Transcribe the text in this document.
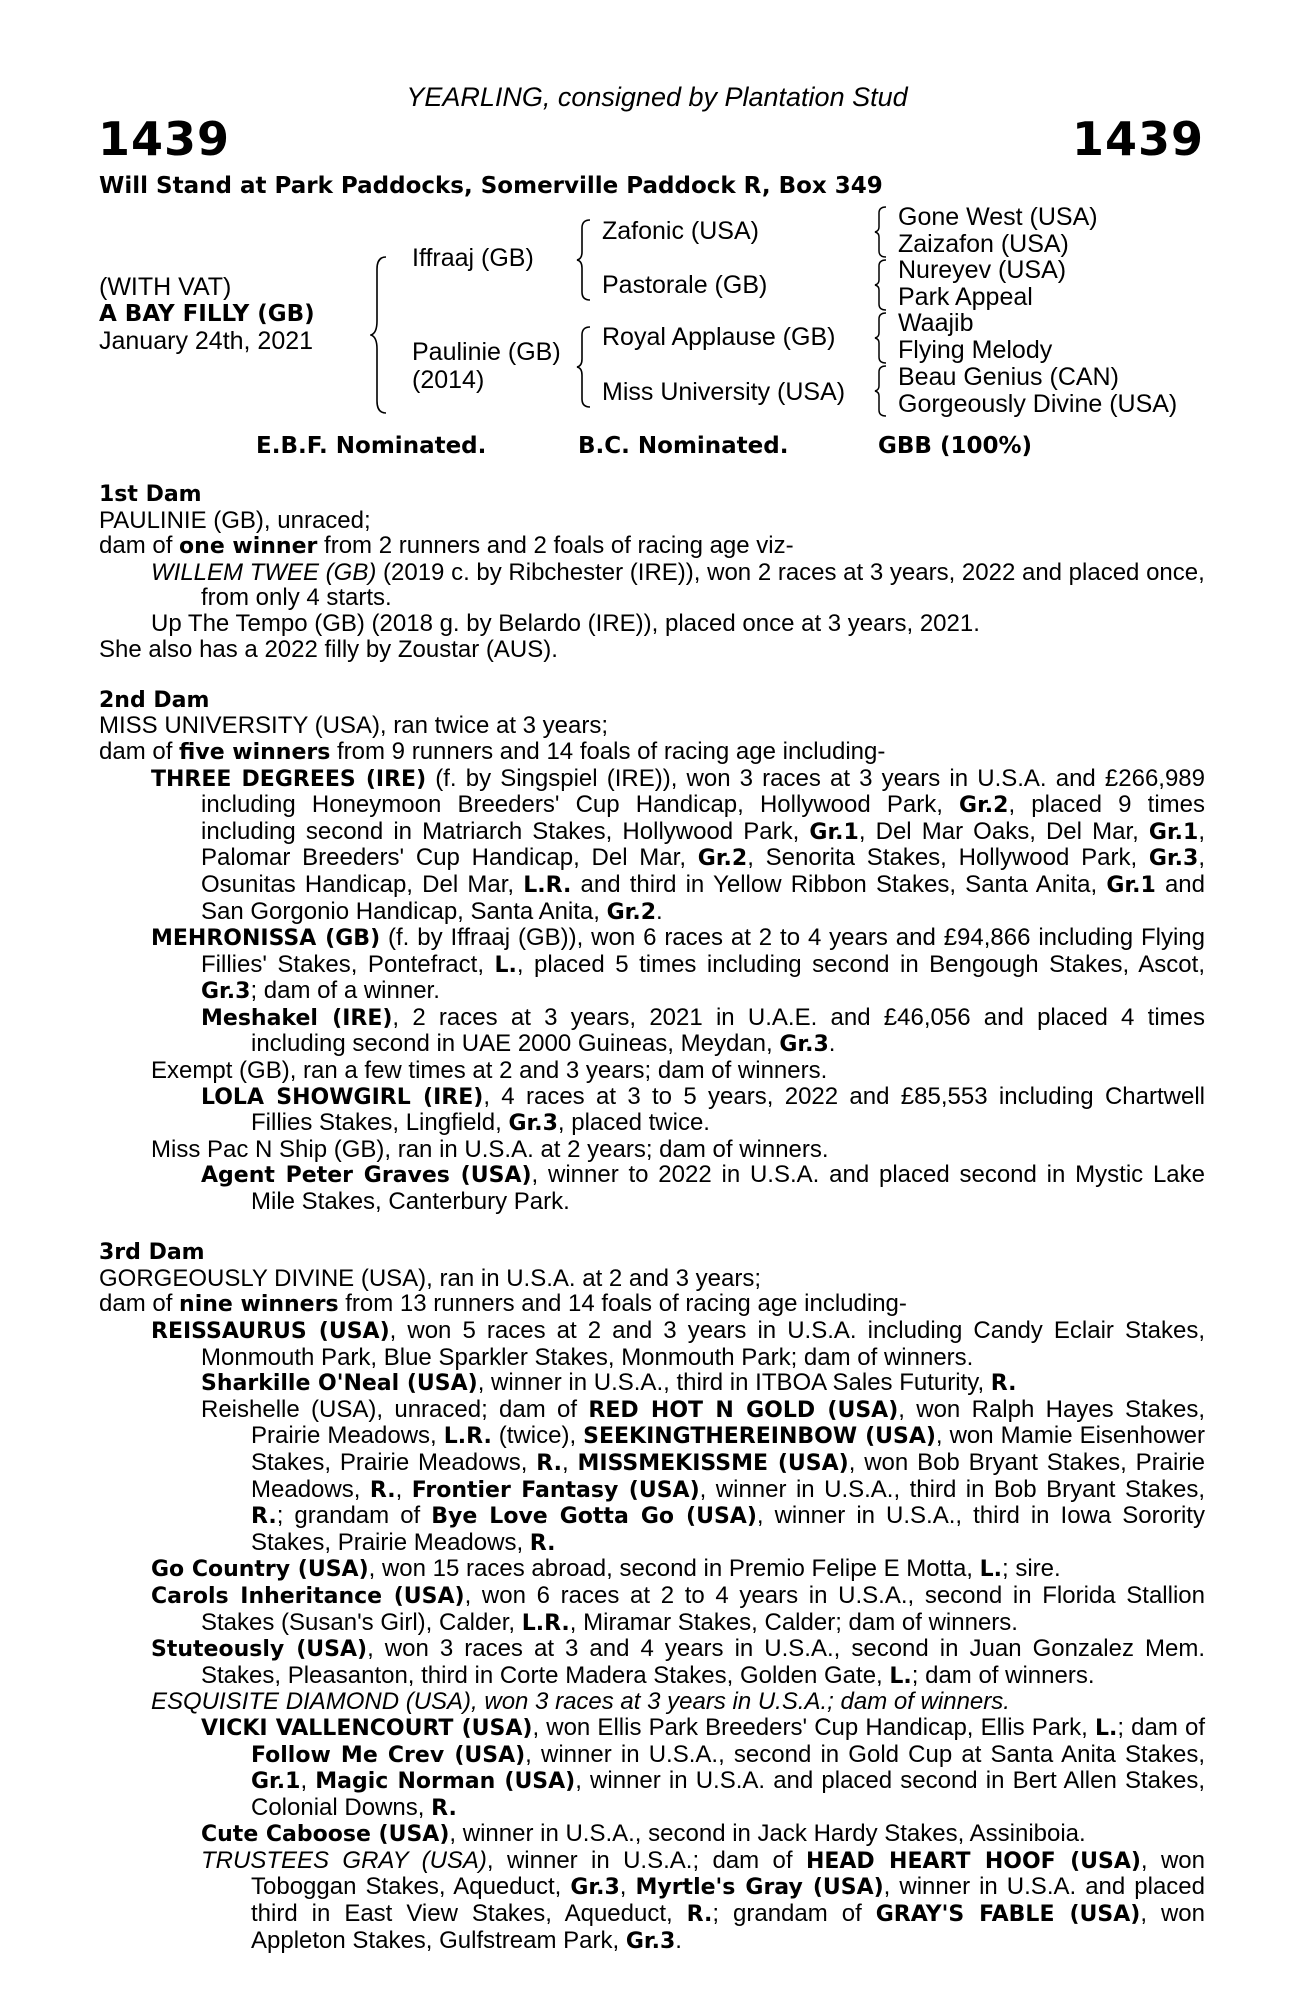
YEARLING, consigned by Plantation Stud
1439	1439
Will Stand at Park Paddocks, Somerville Paddock R, Box 349
(WITH VAT)
A BAY FILLY (GB)
January 24th, 2021
Iffraaj (GB)
Paulinie (GB)
(2014)
Zafonic (USA)
Pastorale (GB)
Royal Applause (GB)
Miss University (USA)
Gone West (USA)
Zaizafon (USA)
Nureyev (USA)
Park Appeal
Waajib
Flying Melody
Beau Genius (CAN)
Gorgeously Divine (USA)
E.B.F. Nominated.	B.C. Nominated.	GBB (100%)
1st Dam
PAULINIE (GB), unraced;
dam of one winner from 2 runners and 2 foals of racing age viz-
WILLEM TWEE (GB) (2019 c. by Ribchester (IRE)), won 2 races at 3 years, 2022 and placed once, from only 4 starts.
Up The Tempo (GB) (2018 g. by Belardo (IRE)), placed once at 3 years, 2021.
She also has a 2022 filly by Zoustar (AUS).
2nd Dam
MISS UNIVERSITY (USA), ran twice at 3 years;
dam of five winners from 9 runners and 14 foals of racing age including-
THREE DEGREES (IRE) (f. by Singspiel (IRE)), won 3 races at 3 years in U.S.A. and £266,989 including Honeymoon Breeders' Cup Handicap, Hollywood Park, Gr.2, placed 9 times including second in Matriarch Stakes, Hollywood Park, Gr.1, Del Mar Oaks, Del Mar, Gr.1, Palomar Breeders' Cup Handicap, Del Mar, Gr.2, Senorita Stakes, Hollywood Park, Gr.3, Osunitas Handicap, Del Mar, L.R. and third in Yellow Ribbon Stakes, Santa Anita, Gr.1 and San Gorgonio Handicap, Santa Anita, Gr.2.
MEHRONISSA (GB) (f. by Iffraaj (GB)), won 6 races at 2 to 4 years and £94,866 including Flying Fillies' Stakes, Pontefract, L., placed 5 times including second in Bengough Stakes, Ascot, Gr.3; dam of a winner.
Meshakel (IRE), 2 races at 3 years, 2021 in U.A.E. and £46,056 and placed 4 times including second in UAE 2000 Guineas, Meydan, Gr.3.
Exempt (GB), ran a few times at 2 and 3 years; dam of winners.
LOLA SHOWGIRL (IRE), 4 races at 3 to 5 years, 2022 and £85,553 including Chartwell Fillies Stakes, Lingfield, Gr.3, placed twice.
Miss Pac N Ship (GB), ran in U.S.A. at 2 years; dam of winners.
Agent Peter Graves (USA), winner to 2022 in U.S.A. and placed second in Mystic Lake Mile Stakes, Canterbury Park.
3rd Dam
GORGEOUSLY DIVINE (USA), ran in U.S.A. at 2 and 3 years;
dam of nine winners from 13 runners and 14 foals of racing age including-
REISSAURUS (USA), won 5 races at 2 and 3 years in U.S.A. including Candy Eclair Stakes, Monmouth Park, Blue Sparkler Stakes, Monmouth Park; dam of winners.
Sharkille O'Neal (USA), winner in U.S.A., third in ITBOA Sales Futurity, R.
Reishelle (USA), unraced; dam of RED HOT N GOLD (USA), won Ralph Hayes Stakes, Prairie Meadows, L.R. (twice), SEEKINGTHEREINBOW (USA), won Mamie Eisenhower Stakes, Prairie Meadows, R., MISSMEKISSME (USA), won Bob Bryant Stakes, Prairie Meadows, R., Frontier Fantasy (USA), winner in U.S.A., third in Bob Bryant Stakes, R.; grandam of Bye Love Gotta Go (USA), winner in U.S.A., third in Iowa Sorority Stakes, Prairie Meadows, R.
Go Country (USA), won 15 races abroad, second in Premio Felipe E Motta, L.; sire.
Carols Inheritance (USA), won 6 races at 2 to 4 years in U.S.A., second in Florida Stallion Stakes (Susan's Girl), Calder, L.R., Miramar Stakes, Calder; dam of winners.
Stuteously (USA), won 3 races at 3 and 4 years in U.S.A., second in Juan Gonzalez Mem. Stakes, Pleasanton, third in Corte Madera Stakes, Golden Gate, L.; dam of winners.
ESQUISITE DIAMOND (USA), won 3 races at 3 years in U.S.A.; dam of winners.
VICKI VALLENCOURT (USA), won Ellis Park Breeders' Cup Handicap, Ellis Park, L.; dam of Follow Me Crev (USA), winner in U.S.A., second in Gold Cup at Santa Anita Stakes, Gr.1, Magic Norman (USA), winner in U.S.A. and placed second in Bert Allen Stakes, Colonial Downs, R.
Cute Caboose (USA), winner in U.S.A., second in Jack Hardy Stakes, Assiniboia.
TRUSTEES GRAY (USA), winner in U.S.A.; dam of HEAD HEART HOOF (USA), won Toboggan Stakes, Aqueduct, Gr.3, Myrtle's Gray (USA), winner in U.S.A. and placed third in East View Stakes, Aqueduct, R.; grandam of GRAY'S FABLE (USA), won Appleton Stakes, Gulfstream Park, Gr.3.
